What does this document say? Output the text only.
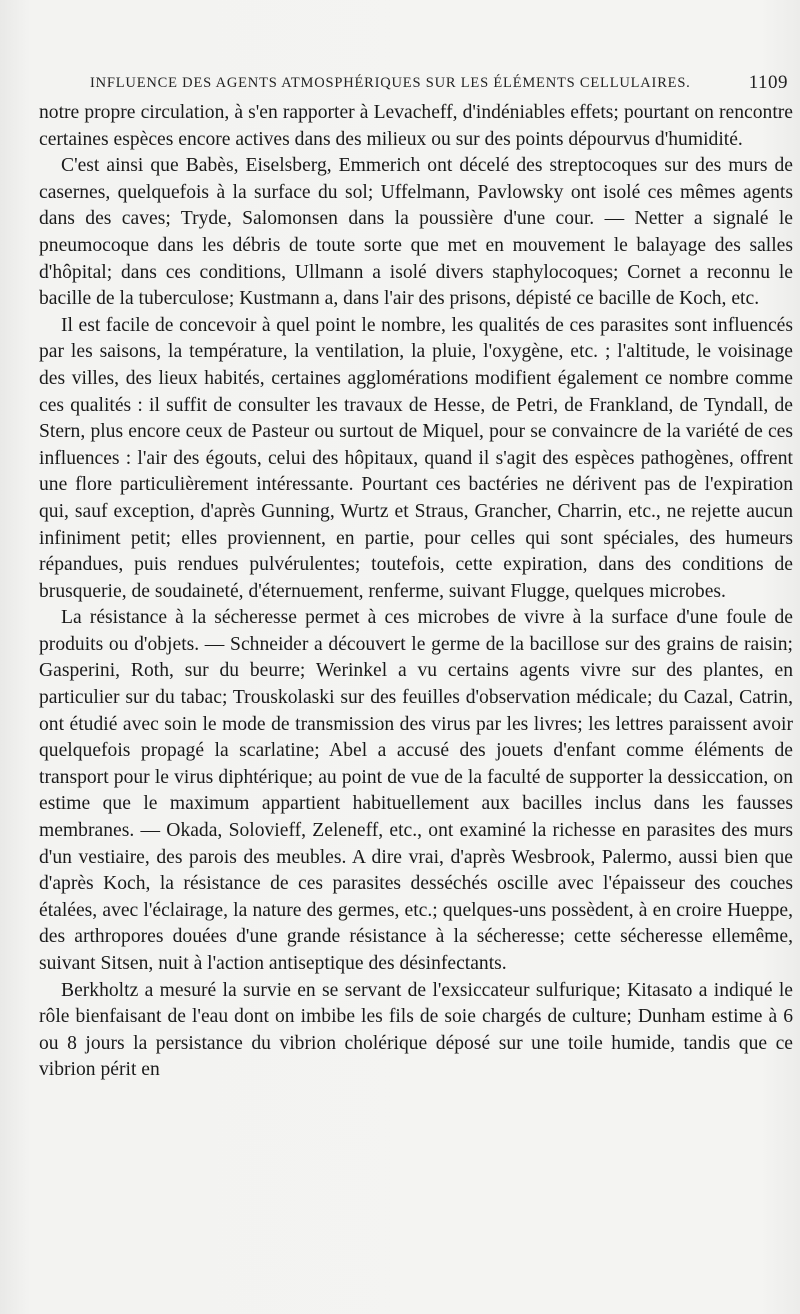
INFLUENCE DES AGENTS ATMOSPHÉRIQUES SUR LES ÉLÉMENTS CELLULAIRES.	1109

notre propre circulation, à s'en rapporter à Levacheff, d'indéniables effets; pourtant on rencontre certaines espèces encore actives dans des milieux ou sur des points dépourvus d'humidité.

C'est ainsi que Babès, Eiselsberg, Emmerich ont décelé des streptocoques sur des murs de casernes, quelquefois à la surface du sol; Uffelmann, Pavlowsky ont isolé ces mêmes agents dans des caves; Tryde, Salomonsen dans la poussière d'une cour. — Netter a signalé le pneumocoque dans les débris de toute sorte que met en mouvement le balayage des salles d'hôpital; dans ces conditions, Ullmann a isolé divers staphylocoques; Cornet a reconnu le bacille de la tuberculose; Kustmann a, dans l'air des prisons, dépisté ce bacille de Koch, etc.

Il est facile de concevoir à quel point le nombre, les qualités de ces parasites sont influencés par les saisons, la température, la ventilation, la pluie, l'oxygène, etc. ; l'altitude, le voisinage des villes, des lieux habités, certaines agglomérations modifient également ce nombre comme ces qualités : il suffit de consulter les travaux de Hesse, de Petri, de Frankland, de Tyndall, de Stern, plus encore ceux de Pasteur ou surtout de Miquel, pour se convaincre de la variété de ces influences : l'air des égouts, celui des hôpitaux, quand il s'agit des espèces pathogènes, offrent une flore particulièrement intéressante. Pourtant ces bactéries ne dérivent pas de l'expiration qui, sauf exception, d'après Gunning, Wurtz et Straus, Grancher, Charrin, etc., ne rejette aucun infiniment petit; elles proviennent, en partie, pour celles qui sont spéciales, des humeurs répandues, puis rendues pulvérulentes; toutefois, cette expiration, dans des conditions de brusquerie, de soudaineté, d'éternuement, renferme, suivant Flugge, quelques microbes.

La résistance à la sécheresse permet à ces microbes de vivre à la surface d'une foule de produits ou d'objets. — Schneider a découvert le germe de la bacillose sur des grains de raisin; Gasperini, Roth, sur du beurre; Werinkel a vu certains agents vivre sur des plantes, en particulier sur du tabac; Trouskolaski sur des feuilles d'observation médicale; du Cazal, Catrin, ont étudié avec soin le mode de transmission des virus par les livres; les lettres paraissent avoir quelquefois propagé la scarlatine; Abel a accusé des jouets d'enfant comme éléments de transport pour le virus diphtérique; au point de vue de la faculté de supporter la dessiccation, on estime que le maximum appartient habituellement aux bacilles inclus dans les fausses membranes. — Okada, Solovieff, Zeleneff, etc., ont examiné la richesse en parasites des murs d'un vestiaire, des parois des meubles. A dire vrai, d'après Wesbrook, Palermo, aussi bien que d'après Koch, la résistance de ces parasites desséchés oscille avec l'épaisseur des couches étalées, avec l'éclairage, la nature des germes, etc.; quelques-uns possèdent, à en croire Hueppe, des arthropores douées d'une grande résistance à la sécheresse; cette sécheresse ellemême, suivant Sitsen, nuit à l'action antiseptique des désinfectants.

Berkholtz a mesuré la survie en se servant de l'exsiccateur sulfurique; Kitasato a indiqué le rôle bienfaisant de l'eau dont on imbibe les fils de soie chargés de culture; Dunham estime à 6 ou 8 jours la persistance du vibrion cholérique déposé sur une toile humide, tandis que ce vibrion périt en
